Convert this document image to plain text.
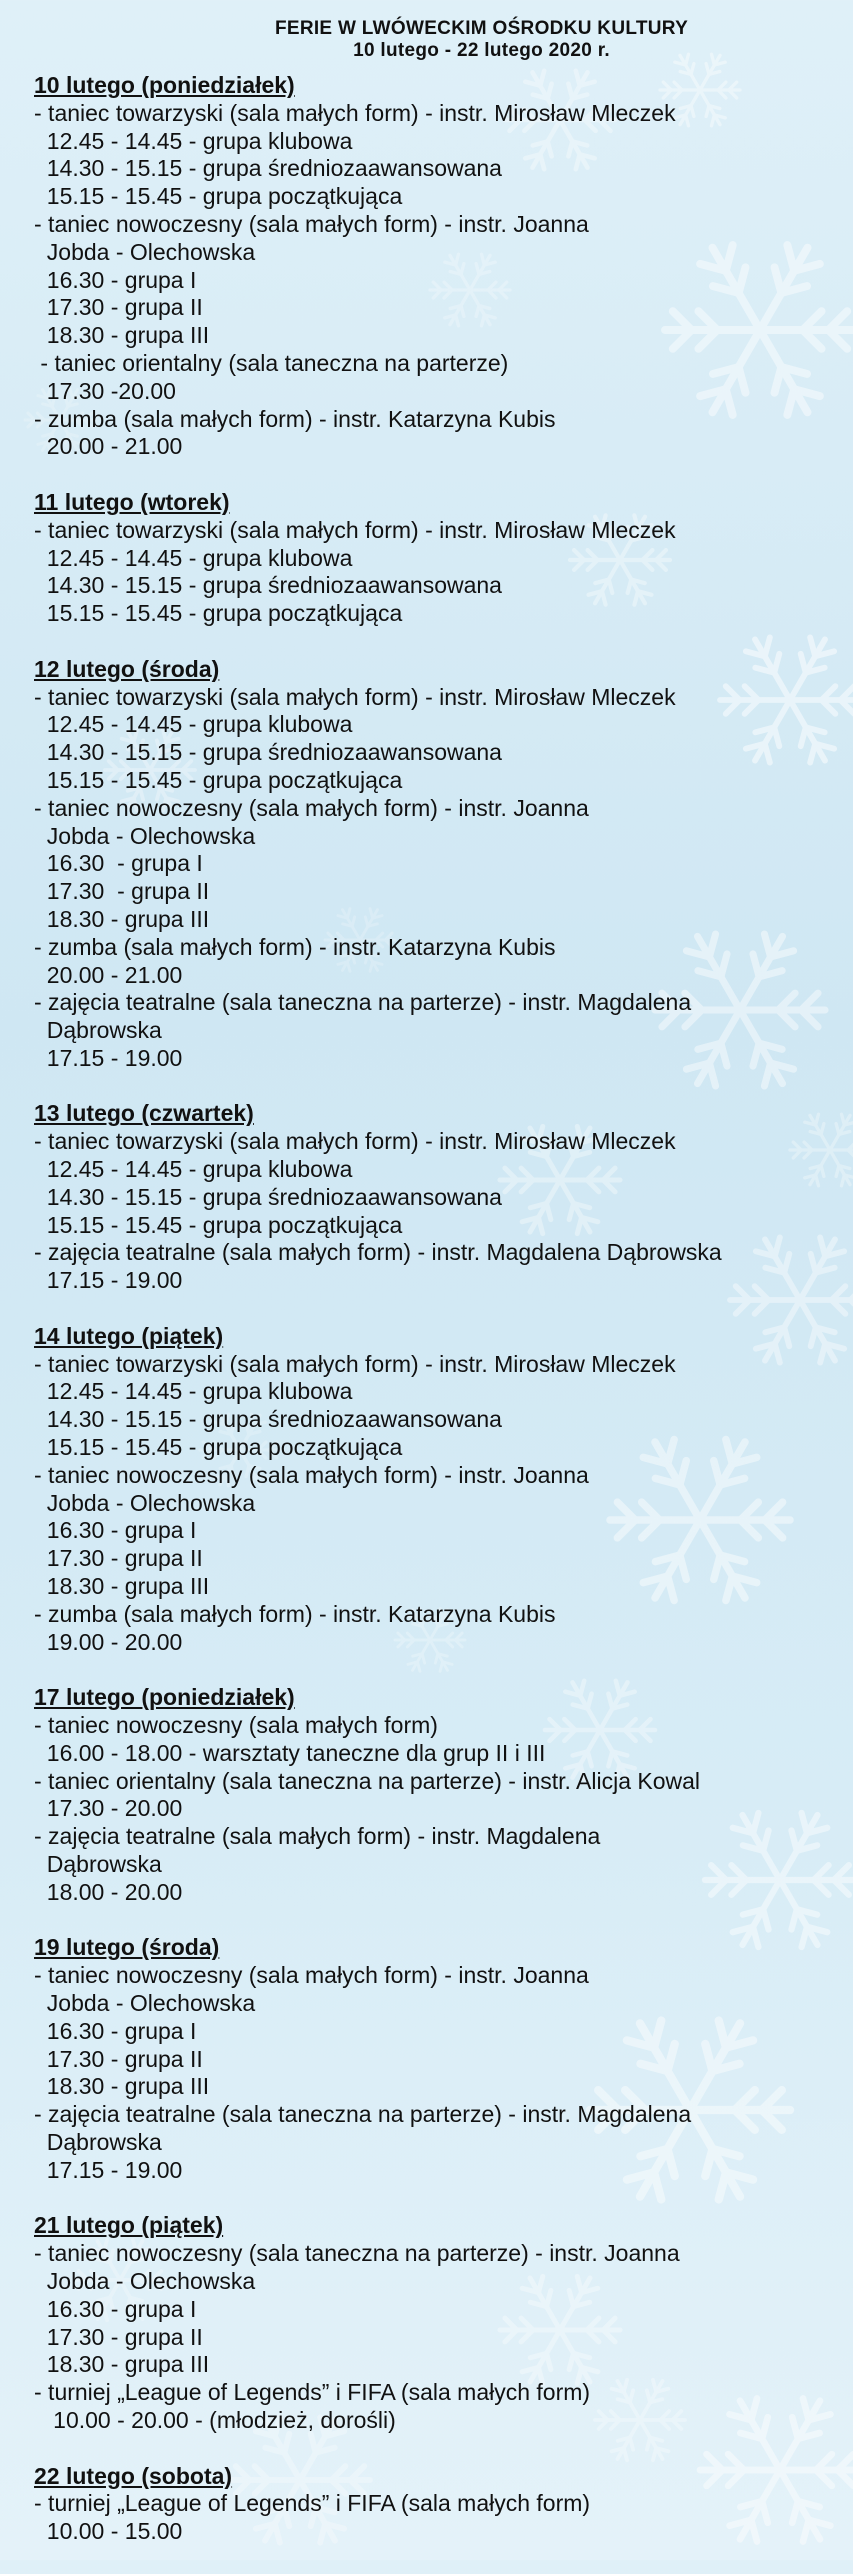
FERIE W LWÓWECKIM OŚRODKU KULTURY
10 lutego - 22 lutego 2020 r.
10 lutego (poniedziałek)
- taniec towarzyski (sala małych form) - instr. Mirosław Mleczek
12.45 - 14.45 - grupa klubowa
14.30 - 15.15 - grupa średniozaawansowana
15.15 - 15.45 - grupa początkująca
- taniec nowoczesny (sala małych form) - instr. Joanna
Jobda - Olechowska
16.30 - grupa I
17.30 - grupa II
18.30 - grupa III
- taniec orientalny (sala taneczna na parterze)
17.30 -20.00
- zumba (sala małych form) - instr. Katarzyna Kubis
20.00 - 21.00
11 lutego (wtorek)
- taniec towarzyski (sala małych form) - instr. Mirosław Mleczek
12.45 - 14.45 - grupa klubowa
14.30 - 15.15 - grupa średniozaawansowana
15.15 - 15.45 - grupa początkująca
12 lutego (środa)
- taniec towarzyski (sala małych form) - instr. Mirosław Mleczek
12.45 - 14.45 - grupa klubowa
14.30 - 15.15 - grupa średniozaawansowana
15.15 - 15.45 - grupa początkująca
- taniec nowoczesny (sala małych form) - instr. Joanna
Jobda - Olechowska
16.30  - grupa I
17.30  - grupa II
18.30 - grupa III
- zumba (sala małych form) - instr. Katarzyna Kubis
20.00 - 21.00
- zajęcia teatralne (sala taneczna na parterze) - instr. Magdalena
Dąbrowska
17.15 - 19.00
13 lutego (czwartek)
- taniec towarzyski (sala małych form) - instr. Mirosław Mleczek
12.45 - 14.45 - grupa klubowa
14.30 - 15.15 - grupa średniozaawansowana
15.15 - 15.45 - grupa początkująca
- zajęcia teatralne (sala małych form) - instr. Magdalena Dąbrowska
17.15 - 19.00
14 lutego (piątek)
- taniec towarzyski (sala małych form) - instr. Mirosław Mleczek
12.45 - 14.45 - grupa klubowa
14.30 - 15.15 - grupa średniozaawansowana
15.15 - 15.45 - grupa początkująca
- taniec nowoczesny (sala małych form) - instr. Joanna
Jobda - Olechowska
16.30 - grupa I
17.30 - grupa II
18.30 - grupa III
- zumba (sala małych form) - instr. Katarzyna Kubis
19.00 - 20.00
17 lutego (poniedziałek)
- taniec nowoczesny (sala małych form)
16.00 - 18.00 - warsztaty taneczne dla grup II i III
- taniec orientalny (sala taneczna na parterze) - instr. Alicja Kowal
17.30 - 20.00
- zajęcia teatralne (sala małych form) - instr. Magdalena
Dąbrowska
18.00 - 20.00
19 lutego (środa)
- taniec nowoczesny (sala małych form) - instr. Joanna
Jobda - Olechowska
16.30 - grupa I
17.30 - grupa II
18.30 - grupa III
- zajęcia teatralne (sala taneczna na parterze) - instr. Magdalena
Dąbrowska
17.15 - 19.00
21 lutego (piątek)
- taniec nowoczesny (sala taneczna na parterze) - instr. Joanna
Jobda - Olechowska
16.30 - grupa I
17.30 - grupa II
18.30 - grupa III
- turniej „League of Legends” i FIFA (sala małych form)
10.00 - 20.00 - (młodzież, dorośli)
22 lutego (sobota)
- turniej „League of Legends” i FIFA (sala małych form)
10.00 - 15.00
